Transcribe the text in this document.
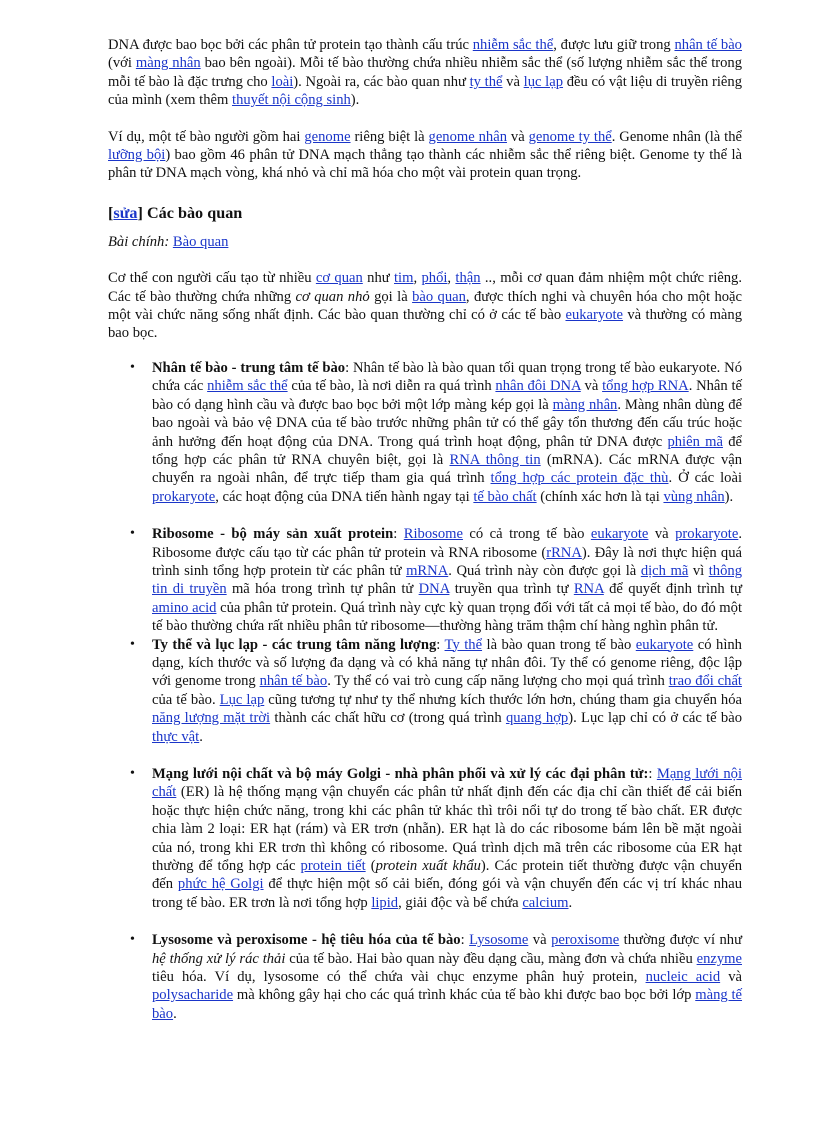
DNA được bao bọc bởi các phân tử protein tạo thành cấu trúc nhiễm sắc thể, được lưu giữ trong nhân tế bào (với màng nhân bao bên ngoài). Mỗi tế bào thường chứa nhiều nhiễm sắc thể (số lượng nhiễm sắc thể trong mỗi tế bào là đặc trưng cho loài). Ngoài ra, các bào quan như ty thể và lục lạp đều có vật liệu di truyền riêng của mình (xem thêm thuyết nội cộng sinh).

Ví dụ, một tế bào người gồm hai genome riêng biệt là genome nhân và genome ty thể. Genome nhân (là thể lưỡng bội) bao gồm 46 phân tử DNA mạch thẳng tạo thành các nhiễm sắc thể riêng biệt. Genome ty thể là phân tử DNA mạch vòng, khá nhỏ và chỉ mã hóa cho một vài protein quan trọng.

[sửa] Các bào quan

Bài chính: Bào quan

Cơ thể con người cấu tạo từ nhiều cơ quan như tim, phổi, thận .., mỗi cơ quan đảm nhiệm một chức riêng. Các tế bào thường chứa những cơ quan nhỏ gọi là bào quan, được thích nghi và chuyên hóa cho một hoặc một vài chức năng sống nhất định. Các bào quan thường chỉ có ở các tế bào eukaryote và thường có màng bao bọc.

• Nhân tế bào - trung tâm tế bào: Nhân tế bào là bào quan tối quan trọng trong tế bào eukaryote. Nó chứa các nhiễm sắc thể của tế bào, là nơi diễn ra quá trình nhân đôi DNA và tổng hợp RNA. Nhân tế bào có dạng hình cầu và được bao bọc bởi một lớp màng kép gọi là màng nhân. Màng nhân dùng để bao ngoài và bảo vệ DNA của tế bào trước những phân tử có thể gây tổn thương đến cấu trúc hoặc ảnh hưởng đến hoạt động của DNA. Trong quá trình hoạt động, phân tử DNA được phiên mã để tổng hợp các phân tử RNA chuyên biệt, gọi là RNA thông tin (mRNA). Các mRNA được vận chuyển ra ngoài nhân, để trực tiếp tham gia quá trình tổng hợp các protein đặc thù. Ở các loài prokaryote, các hoạt động của DNA tiến hành ngay tại tế bào chất (chính xác hơn là tại vùng nhân).
• Ribosome - bộ máy sản xuất protein: Ribosome có cả trong tế bào eukaryote và prokaryote. Ribosome được cấu tạo từ các phân tử protein và RNA ribosome (rRNA). Đây là nơi thực hiện quá trình sinh tổng hợp protein từ các phân tử mRNA. Quá trình này còn được gọi là dịch mã vì thông tin di truyền mã hóa trong trình tự phân tử DNA truyền qua trình tự RNA để quyết định trình tự amino acid của phân tử protein. Quá trình này cực kỳ quan trọng đối với tất cả mọi tế bào, do đó một tế bào thường chứa rất nhiều phân tử ribosome—thường hàng trăm thậm chí hàng nghìn phân tử.
• Ty thể và lục lạp - các trung tâm năng lượng: Ty thể là bào quan trong tế bào eukaryote có hình dạng, kích thước và số lượng đa dạng và có khả năng tự nhân đôi. Ty thể có genome riêng, độc lập với genome trong nhân tế bào. Ty thể có vai trò cung cấp năng lượng cho mọi quá trình trao đổi chất của tế bào. Lục lạp cũng tương tự như ty thể nhưng kích thước lớn hơn, chúng tham gia chuyển hóa năng lượng mặt trời thành các chất hữu cơ (trong quá trình quang hợp). Lục lạp chỉ có ở các tế bào thực vật.
• Mạng lưới nội chất và bộ máy Golgi - nhà phân phối và xử lý các đại phân tử:: Mạng lưới nội chất (ER) là hệ thống mạng vận chuyển các phân tử nhất định đến các địa chỉ cần thiết để cải biến hoặc thực hiện chức năng, trong khi các phân tử khác thì trôi nổi tự do trong tế bào chất. ER được chia làm 2 loại: ER hạt (rám) và ER trơn (nhẵn). ER hạt là do các ribosome bám lên bề mặt ngoài của nó, trong khi ER trơn thì không có ribosome. Quá trình dịch mã trên các ribosome của ER hạt thường để tổng hợp các protein tiết (protein xuất khẩu). Các protein tiết thường được vận chuyển đến phức hệ Golgi để thực hiện một số cải biến, đóng gói và vận chuyển đến các vị trí khác nhau trong tế bào. ER trơn là nơi tổng hợp lipid, giải độc và bể chứa calcium.
• Lysosome và peroxisome - hệ tiêu hóa của tế bào: Lysosome và peroxisome thường được ví như hệ thống xử lý rác thải của tế bào. Hai bào quan này đều dạng cầu, màng đơn và chứa nhiều enzyme tiêu hóa. Ví dụ, lysosome có thể chứa vài chục enzyme phân huỷ protein, nucleic acid và polysacharide mà không gây hại cho các quá trình khác của tế bào khi được bao bọc bởi lớp màng tế bào.
